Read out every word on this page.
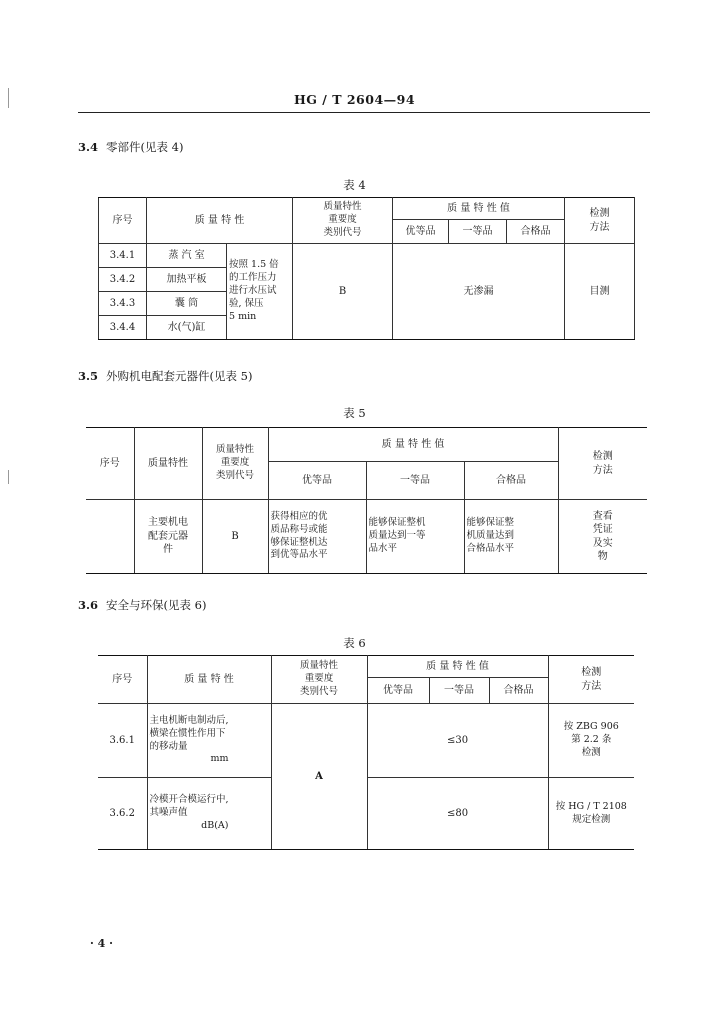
HG / T 2604—94
3.4 零部件(见表 4)
表 4
序号	质 量 特 性		质量特性
重要度
类别代号	质 量 特 性 值			检测
方法
				优等品	一等品	合格品	
3.4.1	蒸 汽 室	按照 1.5 倍
的工作压力
进行水压试
验, 保压
5 min	B	无渗漏			目测
3.4.2	加热平板						
3.4.3	囊 筒						
3.4.4	水(气)缸						
3.5 外购机电配套元器件(见表 5)
表 5
序号	质量特性	质量特性
重要度
类别代号	质 量 特 性 值			检测
方法
			优等品	一等品	合格品	
	主要机电
配套元器
件	B	获得相应的优
质品称号或能
够保证整机达
到优等品水平	能够保证整机
质量达到一等
品水平	能够保证整
机质量达到
合格品水平	查看
凭证
及实
物
3.6 安全与环保(见表 6)
表 6
序号	质 量 特 性	质量特性
重要度
类别代号	质 量 特 性 值			检测
方法
			优等品	一等品	合格品	
3.6.1	主电机断电制动后,
横梁在惯性作用下
的移动量
mm	A	≤30			按 ZBG 906
第 2.2 条
检测
3.6.2	冷模开合模运行中,
其噪声值
dB(A)		≤80			按 HG / T 2108
规定检测
· 4 ·
